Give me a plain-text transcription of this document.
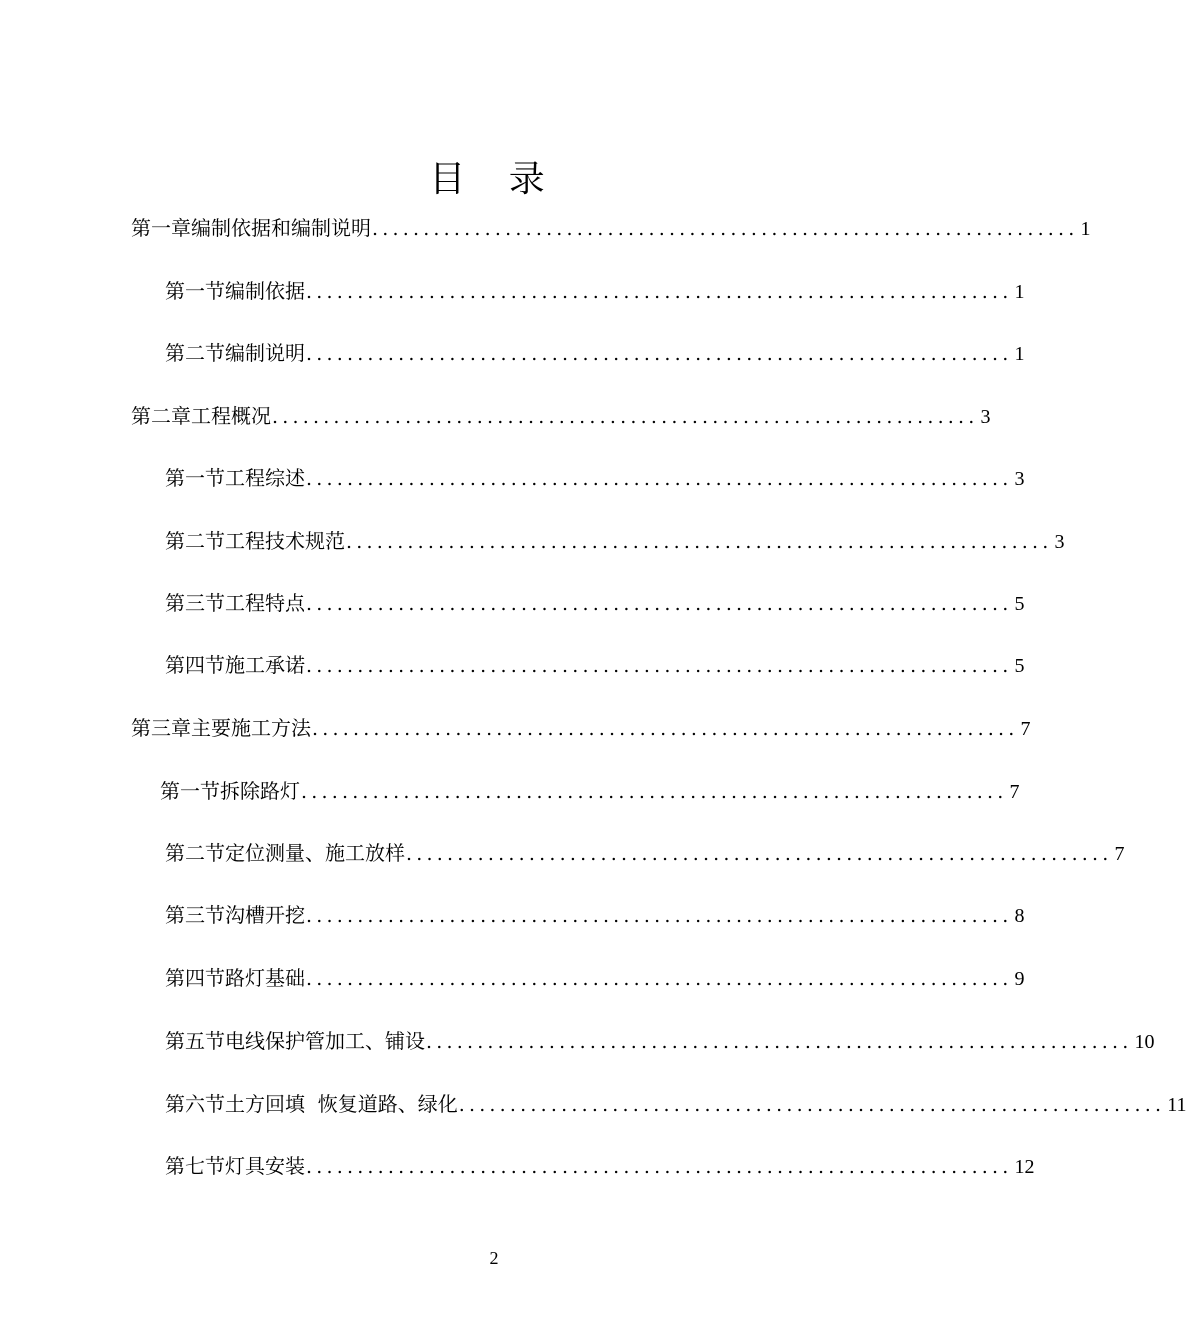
目 录
第一章 编制依据和编制说明 ..................................................................... 1
第一节 编制依据 ..................................................................... 1
第二节 编制说明 ..................................................................... 1
第二章 工程概况 ..................................................................... 3
第一节 工程综述 ..................................................................... 3
第二节 工程技术规范 ..................................................................... 3
第三节 工程特点 ..................................................................... 5
第四节 施工承诺 ..................................................................... 5
第三章 主要施工方法 ..................................................................... 7
第一节 拆除路灯 ..................................................................... 7
第二节 定位测量、施工放样 ..................................................................... 7
第三节 沟槽开挖 ..................................................................... 8
第四节 路灯基础 ..................................................................... 9
第五节 电线保护管加工、铺设 ..................................................................... 10
第六节 土方回填  恢复道路、绿化 ..................................................................... 11
第七节 灯具安装 ..................................................................... 12
2
